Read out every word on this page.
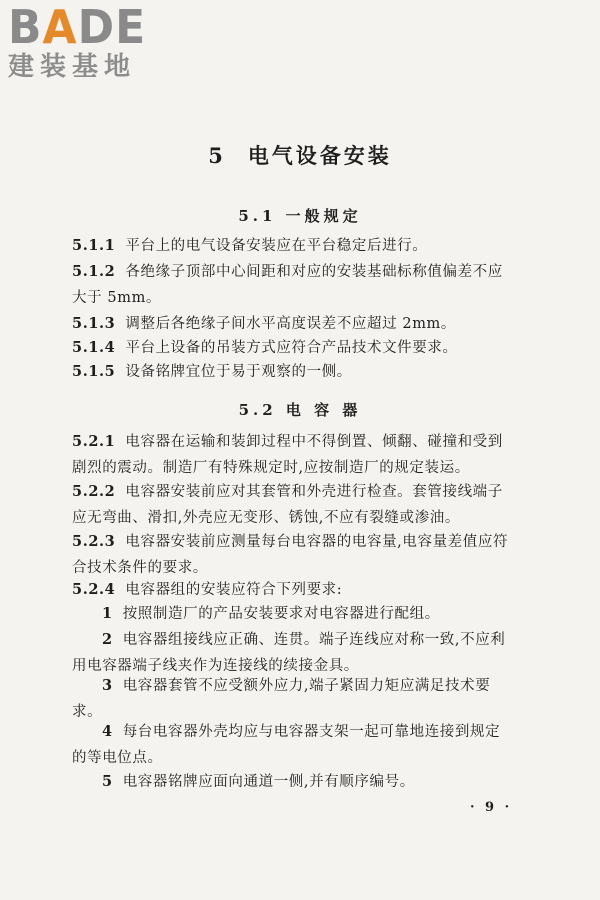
BADE
建装基地
5 电气设备安装
5.1 一般规定
5.1.1 平台上的电气设备安装应在平台稳定后进行。
5.1.2 各绝缘子顶部中心间距和对应的安装基础标称值偏差不应大于 5mm。
5.1.3 调整后各绝缘子间水平高度误差不应超过 2mm。
5.1.4 平台上设备的吊装方式应符合产品技术文件要求。
5.1.5 设备铭牌宜位于易于观察的一侧。
5.2 电 容 器
5.2.1 电容器在运输和装卸过程中不得倒置、倾翻、碰撞和受到剧烈的震动。制造厂有特殊规定时,应按制造厂的规定装运。
5.2.2 电容器安装前应对其套管和外壳进行检查。套管接线端子应无弯曲、滑扣,外壳应无变形、锈蚀,不应有裂缝或渗油。
5.2.3 电容器安装前应测量每台电容器的电容量,电容量差值应符合技术条件的要求。
5.2.4 电容器组的安装应符合下列要求:
1 按照制造厂的产品安装要求对电容器进行配组。
2 电容器组接线应正确、连贯。端子连线应对称一致,不应利用电容器端子线夹作为连接线的续接金具。
3 电容器套管不应受额外应力,端子紧固力矩应满足技术要求。
4 每台电容器外壳均应与电容器支架一起可靠地连接到规定的等电位点。
5 电容器铭牌应面向通道一侧,并有顺序编号。
· 9 ·
